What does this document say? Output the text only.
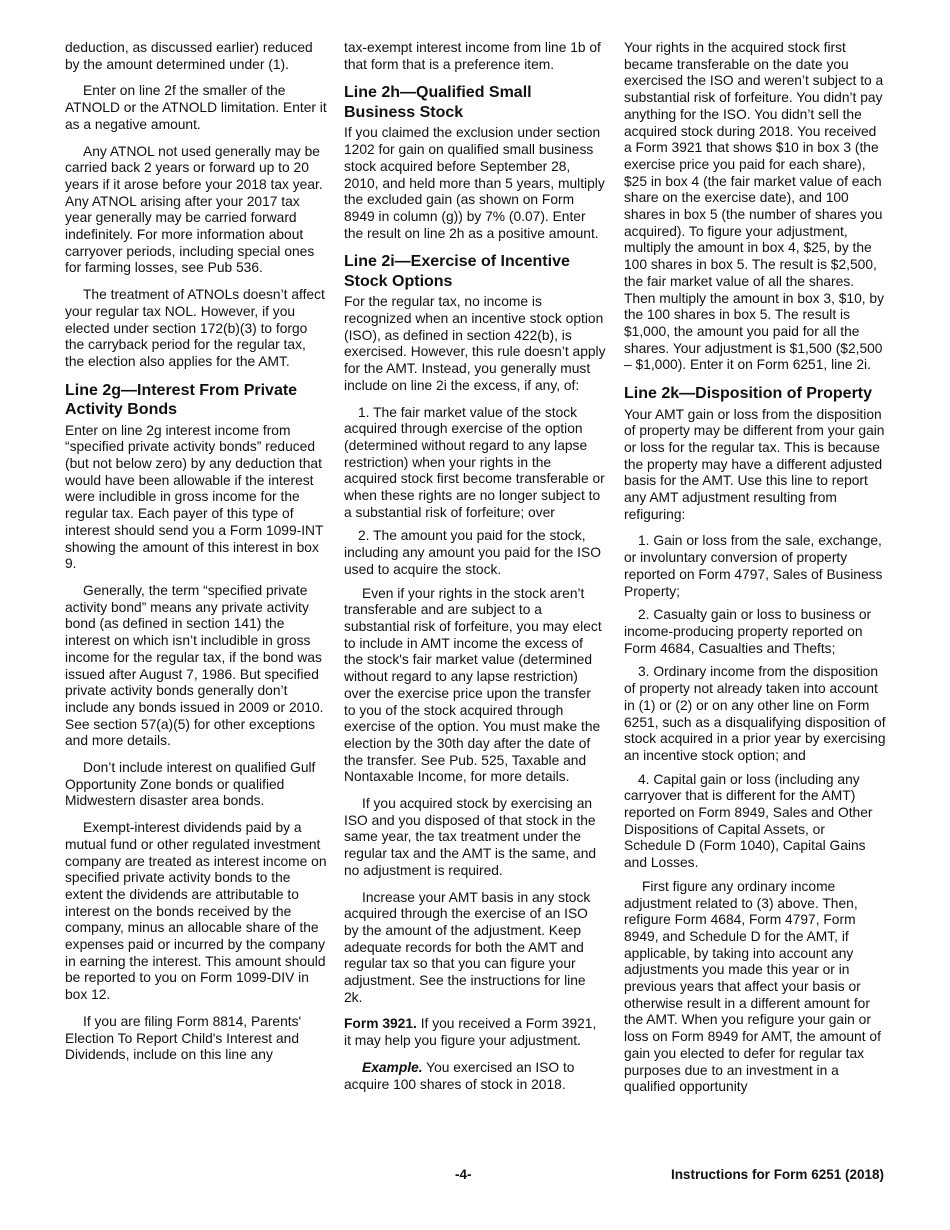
deduction, as discussed earlier) reduced by the amount determined under (1).

Enter on line 2f the smaller of the ATNOLD or the ATNOLD limitation. Enter it as a negative amount.

Any ATNOL not used generally may be carried back 2 years or forward up to 20 years if it arose before your 2018 tax year. Any ATNOL arising after your 2017 tax year generally may be carried forward indefinitely. For more information about carryover periods, including special ones for farming losses, see Pub 536.

The treatment of ATNOLs doesn’t affect your regular tax NOL. However, if you elected under section 172(b)(3) to forgo the carryback period for the regular tax, the election also applies for the AMT.

Line 2g—Interest From Private Activity Bonds

Enter on line 2g interest income from “specified private activity bonds” reduced (but not below zero) by any deduction that would have been allowable if the interest were includible in gross income for the regular tax. Each payer of this type of interest should send you a Form 1099-INT showing the amount of this interest in box 9.

Generally, the term “specified private activity bond” means any private activity bond (as defined in section 141) the interest on which isn’t includible in gross income for the regular tax, if the bond was issued after August 7, 1986. But specified private activity bonds generally don’t include any bonds issued in 2009 or 2010. See section 57(a)(5) for other exceptions and more details.

Don’t include interest on qualified Gulf Opportunity Zone bonds or qualified Midwestern disaster area bonds.

Exempt-interest dividends paid by a mutual fund or other regulated investment company are treated as interest income on specified private activity bonds to the extent the dividends are attributable to interest on the bonds received by the company, minus an allocable share of the expenses paid or incurred by the company in earning the interest. This amount should be reported to you on Form 1099-DIV in box 12.

If you are filing Form 8814, Parents' Election To Report Child's Interest and Dividends, include on this line any

tax-exempt interest income from line 1b of that form that is a preference item.

Line 2h—Qualified Small Business Stock

If you claimed the exclusion under section 1202 for gain on qualified small business stock acquired before September 28, 2010, and held more than 5 years, multiply the excluded gain (as shown on Form 8949 in column (g)) by 7% (0.07). Enter the result on line 2h as a positive amount.

Line 2i—Exercise of Incentive Stock Options

For the regular tax, no income is recognized when an incentive stock option (ISO), as defined in section 422(b), is exercised. However, this rule doesn’t apply for the AMT. Instead, you generally must include on line 2i the excess, if any, of:

1. The fair market value of the stock acquired through exercise of the option (determined without regard to any lapse restriction) when your rights in the acquired stock first become transferable or when these rights are no longer subject to a substantial risk of forfeiture; over

2. The amount you paid for the stock, including any amount you paid for the ISO used to acquire the stock.

Even if your rights in the stock aren’t transferable and are subject to a substantial risk of forfeiture, you may elect to include in AMT income the excess of the stock's fair market value (determined without regard to any lapse restriction) over the exercise price upon the transfer to you of the stock acquired through exercise of the option. You must make the election by the 30th day after the date of the transfer. See Pub. 525, Taxable and Nontaxable Income, for more details.

If you acquired stock by exercising an ISO and you disposed of that stock in the same year, the tax treatment under the regular tax and the AMT is the same, and no adjustment is required.

Increase your AMT basis in any stock acquired through the exercise of an ISO by the amount of the adjustment. Keep adequate records for both the AMT and regular tax so that you can figure your adjustment. See the instructions for line 2k.

Form 3921. If you received a Form 3921, it may help you figure your adjustment.

Example. You exercised an ISO to acquire 100 shares of stock in 2018.

Your rights in the acquired stock first became transferable on the date you exercised the ISO and weren’t subject to a substantial risk of forfeiture. You didn’t pay anything for the ISO. You didn’t sell the acquired stock during 2018. You received a Form 3921 that shows $10 in box 3 (the exercise price you paid for each share), $25 in box 4 (the fair market value of each share on the exercise date), and 100 shares in box 5 (the number of shares you acquired). To figure your adjustment, multiply the amount in box 4, $25, by the 100 shares in box 5. The result is $2,500, the fair market value of all the shares. Then multiply the amount in box 3, $10, by the 100 shares in box 5. The result is $1,000, the amount you paid for all the shares. Your adjustment is $1,500 ($2,500 – $1,000). Enter it on Form 6251, line 2i.

Line 2k—Disposition of Property

Your AMT gain or loss from the disposition of property may be different from your gain or loss for the regular tax. This is because the property may have a different adjusted basis for the AMT. Use this line to report any AMT adjustment resulting from refiguring:

1. Gain or loss from the sale, exchange, or involuntary conversion of property reported on Form 4797, Sales of Business Property;

2. Casualty gain or loss to business or income-producing property reported on Form 4684, Casualties and Thefts;

3. Ordinary income from the disposition of property not already taken into account in (1) or (2) or on any other line on Form 6251, such as a disqualifying disposition of stock acquired in a prior year by exercising an incentive stock option; and

4. Capital gain or loss (including any carryover that is different for the AMT) reported on Form 8949, Sales and Other Dispositions of Capital Assets, or Schedule D (Form 1040), Capital Gains and Losses.

First figure any ordinary income adjustment related to (3) above. Then, refigure Form 4684, Form 4797, Form 8949, and Schedule D for the AMT, if applicable, by taking into account any adjustments you made this year or in previous years that affect your basis or otherwise result in a different amount for the AMT. When you refigure your gain or loss on Form 8949 for AMT, the amount of gain you elected to defer for regular tax purposes due to an investment in a qualified opportunity

-4-	Instructions for Form 6251 (2018)
